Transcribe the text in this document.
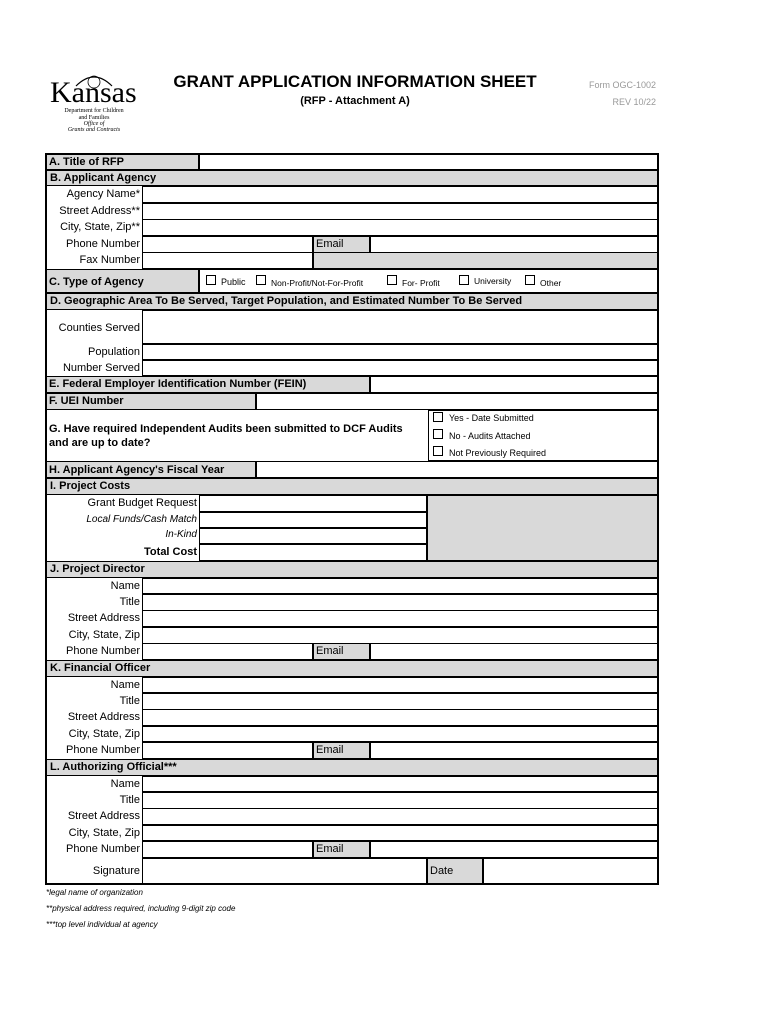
Kansas
Department for Children
and Families
Office of
Grants and Contracts
GRANT APPLICATION INFORMATION SHEET
(RFP - Attachment A)
Form OGC-1002
REV 10/22
A. Title of RFP
B. Applicant Agency
Agency Name*
Street Address**
City, State, Zip**
Phone Number	Email
Fax Number
C. Type of Agency	Public	Non-Profit/Not-For-Profit	For- Profit	University	Other
D. Geographic Area To Be Served, Target Population, and Estimated Number To Be Served
Counties Served
Population
Number Served
E. Federal Employer Identification Number (FEIN)
F. UEI Number
G. Have required Independent Audits been submitted to DCF Audits
and are up to date?
Yes - Date Submitted
No - Audits Attached
Not Previously Required
H. Applicant Agency's Fiscal Year
I. Project Costs
Grant Budget Request
Local Funds/Cash Match
In-Kind
Total Cost
J. Project Director
Name
Title
Street Address
City, State, Zip
Phone Number	Email
K. Financial Officer
Name
Title
Street Address
City, State, Zip
Phone Number	Email
L. Authorizing Official***
Name
Title
Street Address
City, State, Zip
Phone Number	Email
Signature	Date
*legal name of organization
**physical address required, including 9-digit zip code
***top level individual at agency
